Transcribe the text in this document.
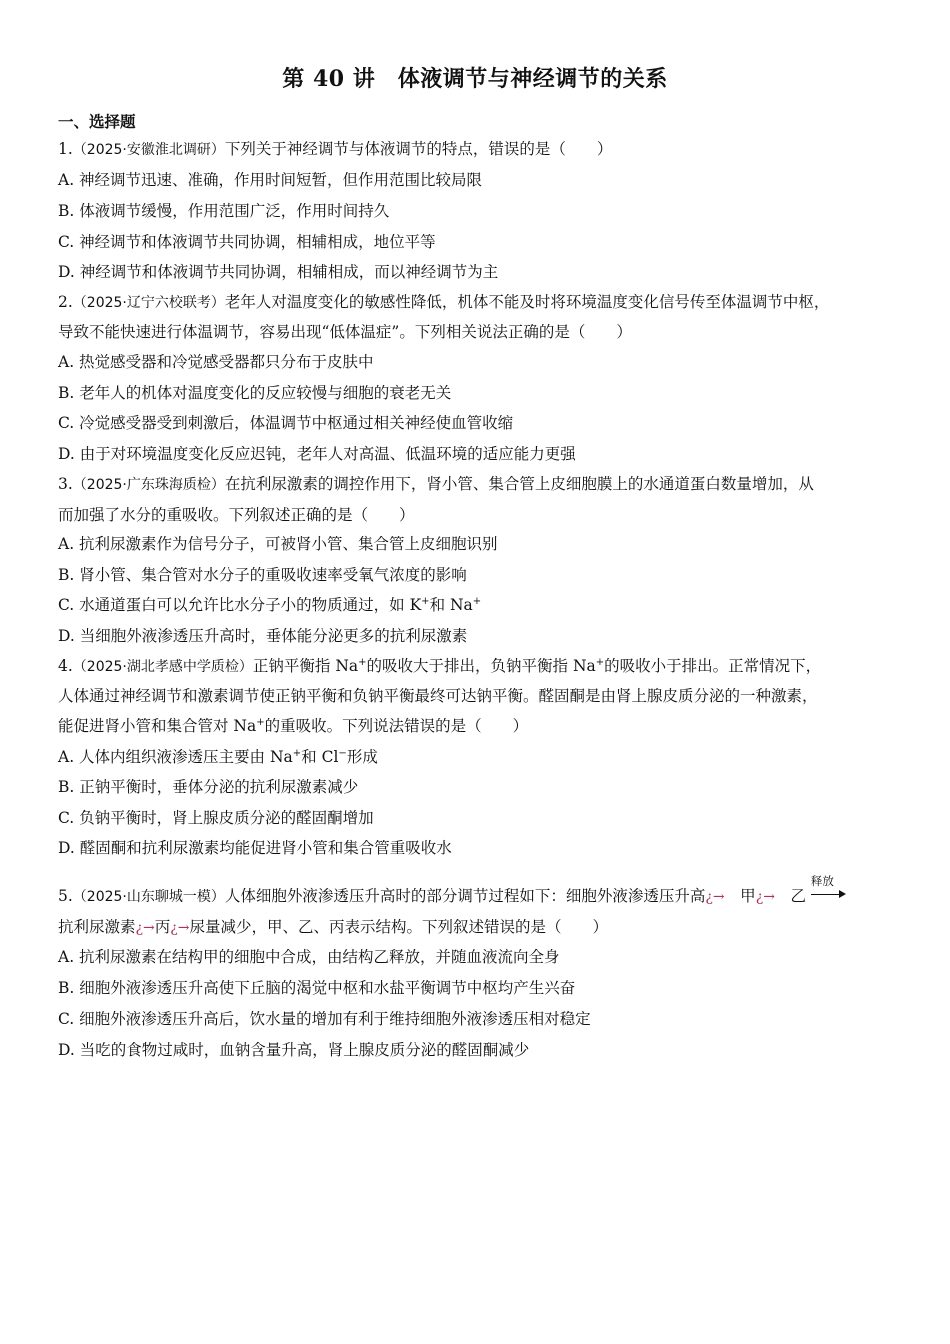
第 40 讲　体液调节与神经调节的关系
一、选择题
1.（2025·安徽淮北调研）下列关于神经调节与体液调节的特点，错误的是（　　）
A. 神经调节迅速、准确，作用时间短暂，但作用范围比较局限
B. 体液调节缓慢，作用范围广泛，作用时间持久
C. 神经调节和体液调节共同协调，相辅相成，地位平等
D. 神经调节和体液调节共同协调，相辅相成，而以神经调节为主
2.（2025·辽宁六校联考）老年人对温度变化的敏感性降低，机体不能及时将环境温度变化信号传至体温调节中枢，
导致不能快速进行体温调节，容易出现“低体温症”。下列相关说法正确的是（　　）
A. 热觉感受器和冷觉感受器都只分布于皮肤中
B. 老年人的机体对温度变化的反应较慢与细胞的衰老无关
C. 冷觉感受器受到刺激后，体温调节中枢通过相关神经使血管收缩
D. 由于对环境温度变化反应迟钝，老年人对高温、低温环境的适应能力更强
3.（2025·广东珠海质检）在抗利尿激素的调控作用下，肾小管、集合管上皮细胞膜上的水通道蛋白数量增加，从
而加强了水分的重吸收。下列叙述正确的是（　　）
A. 抗利尿激素作为信号分子，可被肾小管、集合管上皮细胞识别
B. 肾小管、集合管对水分子的重吸收速率受氧气浓度的影响
C. 水通道蛋白可以允许比水分子小的物质通过，如 K+和 Na+
D. 当细胞外液渗透压升高时，垂体能分泌更多的抗利尿激素
4.（2025·湖北孝感中学质检）正钠平衡指 Na+的吸收大于排出，负钠平衡指 Na+的吸收小于排出。正常情况下，
人体通过神经调节和激素调节使正钠平衡和负钠平衡最终可达钠平衡。醛固酮是由肾上腺皮质分泌的一种激素，
能促进肾小管和集合管对 Na+的重吸收。下列说法错误的是（　　）
A. 人体内组织液渗透压主要由 Na+和 Cl−形成
B. 正钠平衡时，垂体分泌的抗利尿激素减少
C. 负钠平衡时，肾上腺皮质分泌的醛固酮增加
D. 醛固酮和抗利尿激素均能促进肾小管和集合管重吸收水
5.（2025·山东聊城一模）人体细胞外液渗透压升高时的部分调节过程如下：细胞外液渗透压升高¿→　 甲¿→　 乙
释放
抗利尿激素¿→丙¿→尿量减少，甲、乙、丙表示结构。下列叙述错误的是（　　）
A. 抗利尿激素在结构甲的细胞中合成，由结构乙释放，并随血液流向全身
B. 细胞外液渗透压升高使下丘脑的渴觉中枢和水盐平衡调节中枢均产生兴奋
C. 细胞外液渗透压升高后，饮水量的增加有利于维持细胞外液渗透压相对稳定
D. 当吃的食物过咸时，血钠含量升高，肾上腺皮质分泌的醛固酮减少
